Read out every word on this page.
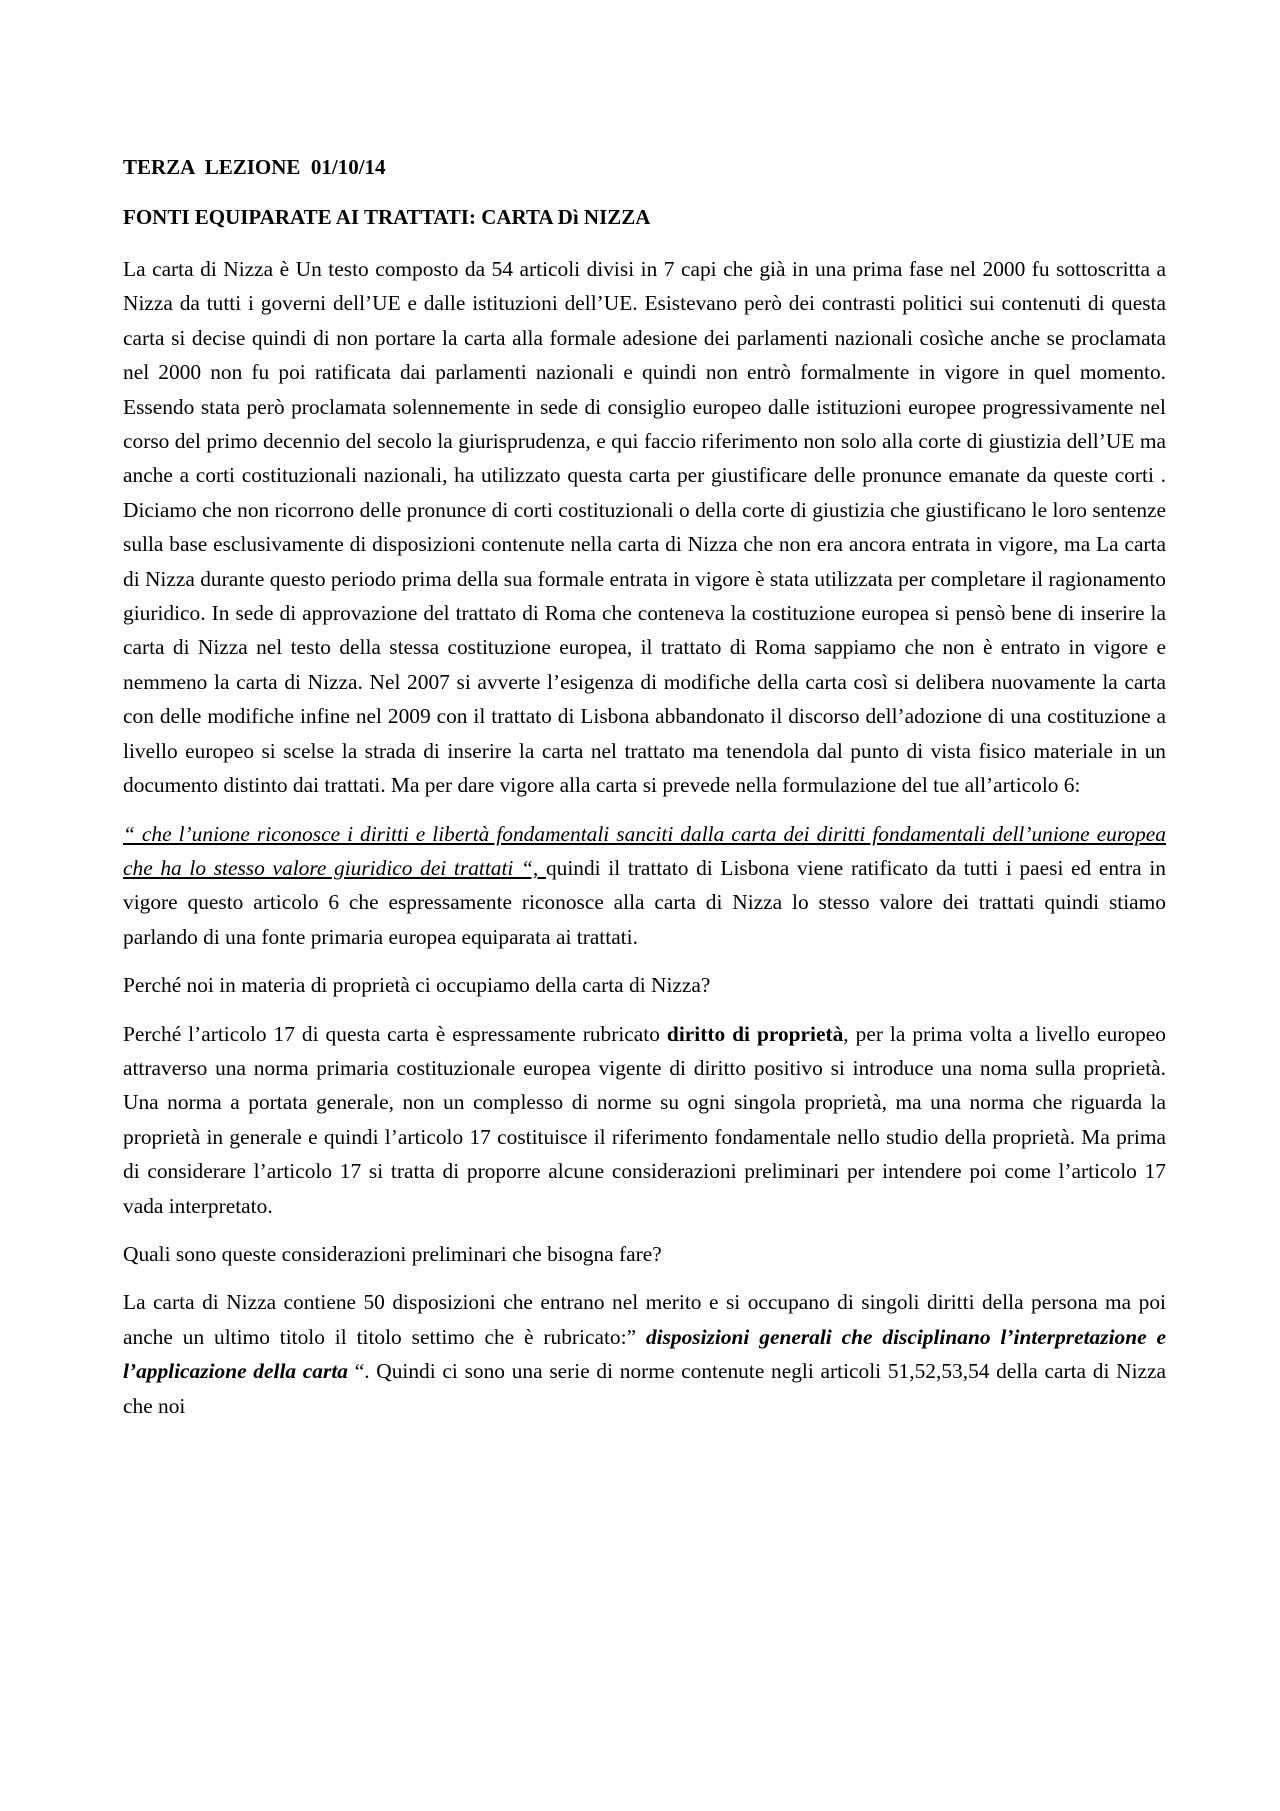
TERZA  LEZIONE  01/10/14
FONTI EQUIPARATE AI TRATTATI: CARTA Dì NIZZA

La carta di Nizza è Un testo composto da 54 articoli divisi in 7 capi che già in una prima fase nel 2000 fu sottoscritta a Nizza da tutti i governi dell’UE e dalle istituzioni dell’UE. Esistevano però dei contrasti politici sui contenuti di questa carta si decise quindi di non portare la carta alla formale adesione dei parlamenti nazionali cosìche anche se proclamata nel 2000 non fu poi ratificata dai parlamenti nazionali e quindi non entrò formalmente in vigore in quel momento. Essendo stata però proclamata solennemente in sede di consiglio europeo dalle istituzioni europee progressivamente nel corso del primo decennio del secolo la giurisprudenza, e qui faccio riferimento non solo alla corte di giustizia dell’UE ma anche a corti costituzionali nazionali, ha utilizzato questa carta per giustificare delle pronunce emanate da queste corti . Diciamo che non ricorrono delle pronunce di corti costituzionali o della corte di giustizia che giustificano le loro sentenze sulla base esclusivamente di disposizioni contenute nella carta di Nizza che non era ancora entrata in vigore, ma La carta di Nizza durante questo periodo prima della sua formale entrata in vigore è stata utilizzata per completare il ragionamento giuridico. In sede di approvazione del trattato di Roma che conteneva la costituzione europea si pensò bene di inserire la carta di Nizza nel testo della stessa costituzione europea, il trattato di Roma sappiamo che non è entrato in vigore e nemmeno la carta di Nizza. Nel 2007 si avverte l’esigenza di modifiche della carta così si delibera nuovamente la carta con delle modifiche infine nel 2009 con il trattato di Lisbona abbandonato il discorso dell’adozione di una costituzione a livello europeo si scelse la strada di inserire la carta nel trattato ma tenendola dal punto di vista fisico materiale in un documento distinto dai trattati. Ma per dare vigore alla carta si prevede nella formulazione del tue all’articolo 6:

“ che l’unione riconosce i diritti e libertà fondamentali sanciti dalla carta dei diritti fondamentali dell’unione europea che ha lo stesso valore giuridico dei trattati “, quindi il trattato di Lisbona viene ratificato da tutti i paesi ed entra in vigore questo articolo 6 che espressamente riconosce alla carta di Nizza lo stesso valore dei trattati quindi stiamo parlando di una fonte primaria europea equiparata ai trattati.

Perché noi in materia di proprietà ci occupiamo della carta di Nizza?

Perché l’articolo 17 di questa carta è espressamente rubricato diritto di proprietà, per la prima volta a livello europeo attraverso una norma primaria costituzionale europea vigente di diritto positivo si introduce una noma sulla proprietà. Una norma a portata generale, non un complesso di norme su ogni singola proprietà, ma una norma che riguarda la proprietà in generale e quindi l’articolo 17 costituisce il riferimento fondamentale nello studio della proprietà. Ma prima di considerare l’articolo 17 si tratta di proporre alcune considerazioni preliminari per intendere poi come l’articolo 17 vada interpretato.

Quali sono queste considerazioni preliminari che bisogna fare?

La carta di Nizza contiene 50 disposizioni che entrano nel merito e si occupano di singoli diritti della persona ma poi anche un ultimo titolo il titolo settimo che è rubricato:” disposizioni generali che disciplinano l’interpretazione e l’applicazione della carta “. Quindi ci sono una serie di norme contenute negli articoli 51,52,53,54 della carta di Nizza che noi
